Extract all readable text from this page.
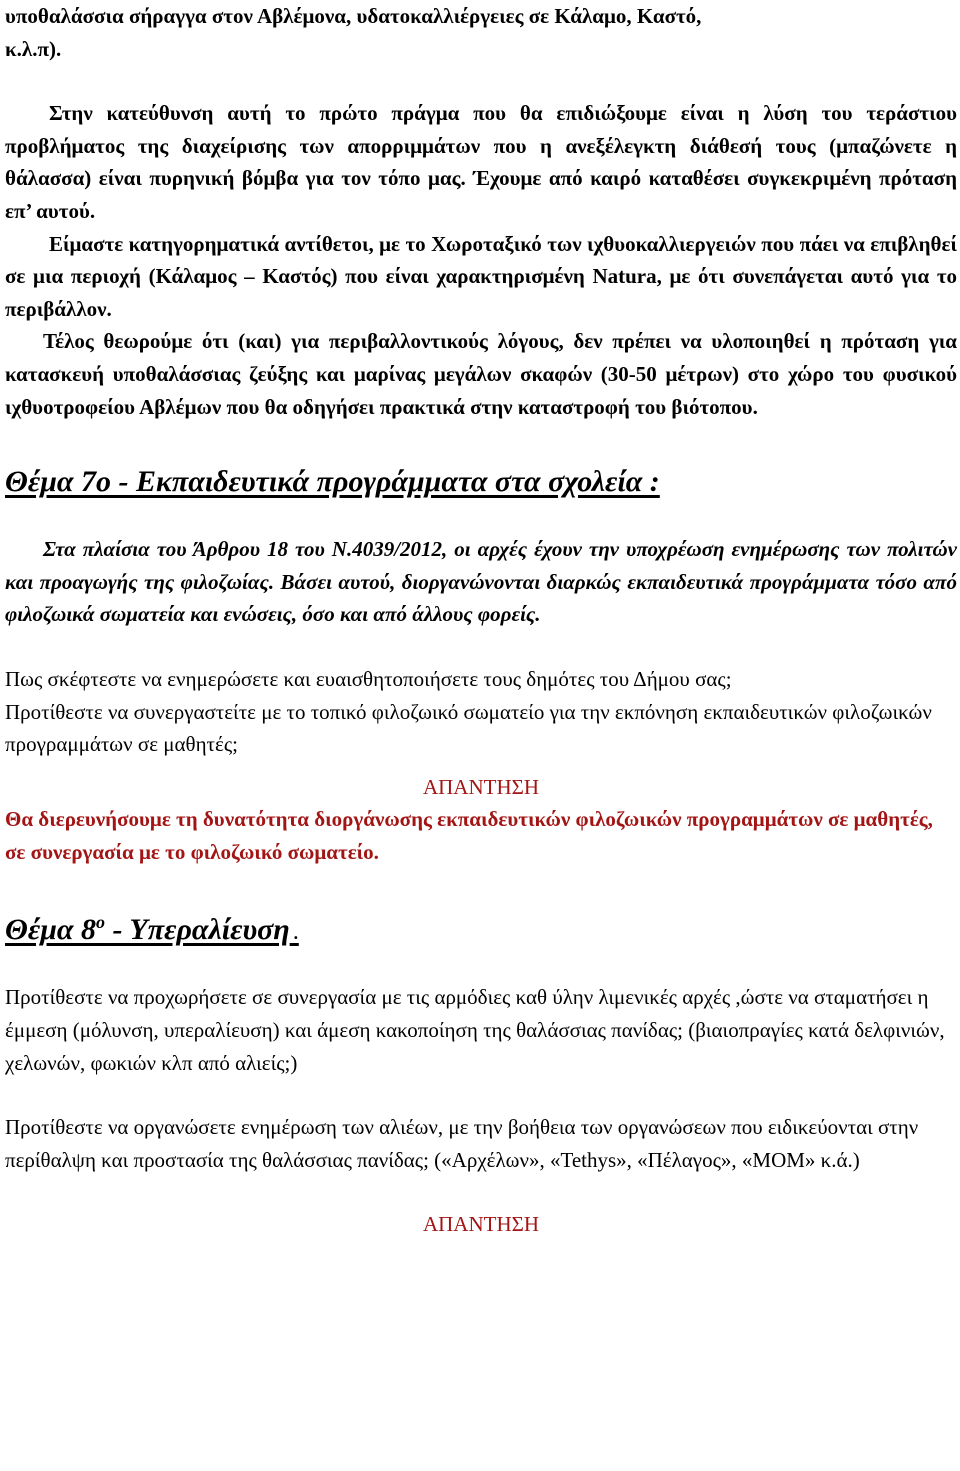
υποθαλάσσια σήραγγα στον Αβλέμονα, υδατοκαλλιέργειες σε Κάλαμο, Καστό,

κ.λ.π).

Στην κατεύθυνση αυτή το πρώτο πράγμα που θα επιδιώξουμε είναι η λύση του τεράστιου προβλήματος της διαχείρισης των απορριμμάτων που η ανεξέλεγκτη διάθεσή τους (μπαζώνετε η θάλασσα) είναι πυρηνική βόμβα για τον τόπο μας. Έχουμε από καιρό καταθέσει συγκεκριμένη πρόταση επ’ αυτού.

Είμαστε κατηγορηματικά αντίθετοι, με το Χωροταξικό των ιχθυοκαλλιεργειών που πάει να επιβληθεί σε μια περιοχή (Κάλαμος – Καστός) που είναι χαρακτηρισμένη Natura, με ότι συνεπάγεται αυτό για το περιβάλλον.

Τέλος θεωρούμε ότι (και) για περιβαλλοντικούς λόγους, δεν πρέπει να υλοποιηθεί η πρόταση για κατασκευή υποθαλάσσιας ζεύξης και μαρίνας μεγάλων σκαφών (30-50 μέτρων) στο χώρο του φυσικού ιχθυοτροφείου Αβλέμων που θα οδηγήσει πρακτικά στην καταστροφή του βιότοπου.

Θέμα 7ο - Εκπαιδευτικά προγράμματα στα σχολεία :

Στα πλαίσια του Άρθρου 18 του Ν.4039/2012, οι αρχές έχουν την υποχρέωση ενημέρωσης των πολιτών και προαγωγής της φιλοζωίας. Βάσει αυτού, διοργανώνονται διαρκώς εκπαιδευτικά προγράμματα τόσο από φιλοζωικά σωματεία και ενώσεις, όσο και από άλλους φορείς.

Πως σκέφτεστε να ενημερώσετε και ευαισθητοποιήσετε τους δημότες του Δήμου σας;

Προτίθεστε να συνεργαστείτε με το τοπικό φιλοζωικό σωματείο για την εκπόνηση εκπαιδευτικών φιλοζωικών προγραμμάτων σε μαθητές;

ΑΠΑΝΤΗΣΗ

Θα διερευνήσουμε τη δυνατότητα διοργάνωσης εκπαιδευτικών φιλοζωικών προγραμμάτων σε μαθητές, σε συνεργασία με το φιλοζωικό σωματείο.

Θέμα $8^o$ - Υπεραλίευση .

Προτίθεστε να προχωρήσετε σε συνεργασία με τις αρμόδιες καθ ύλην λιμενικές αρχές ,ώστε να σταματήσει η έμμεση (μόλυνση, υπεραλίευση) και άμεση κακοποίηση της θαλάσσιας πανίδας; (βιαιοπραγίες κατά δελφινιών, χελωνών, φωκιών κλπ από αλιείς;)

Προτίθεστε να οργανώσετε ενημέρωση των αλιέων, με την βοήθεια των οργανώσεων που ειδικεύονται στην περίθαλψη και προστασία της θαλάσσιας πανίδας; («Αρχέλων», «Tethys», «Πέλαγος», «ΜΟΜ» κ.ά.)

ΑΠΑΝΤΗΣΗ
